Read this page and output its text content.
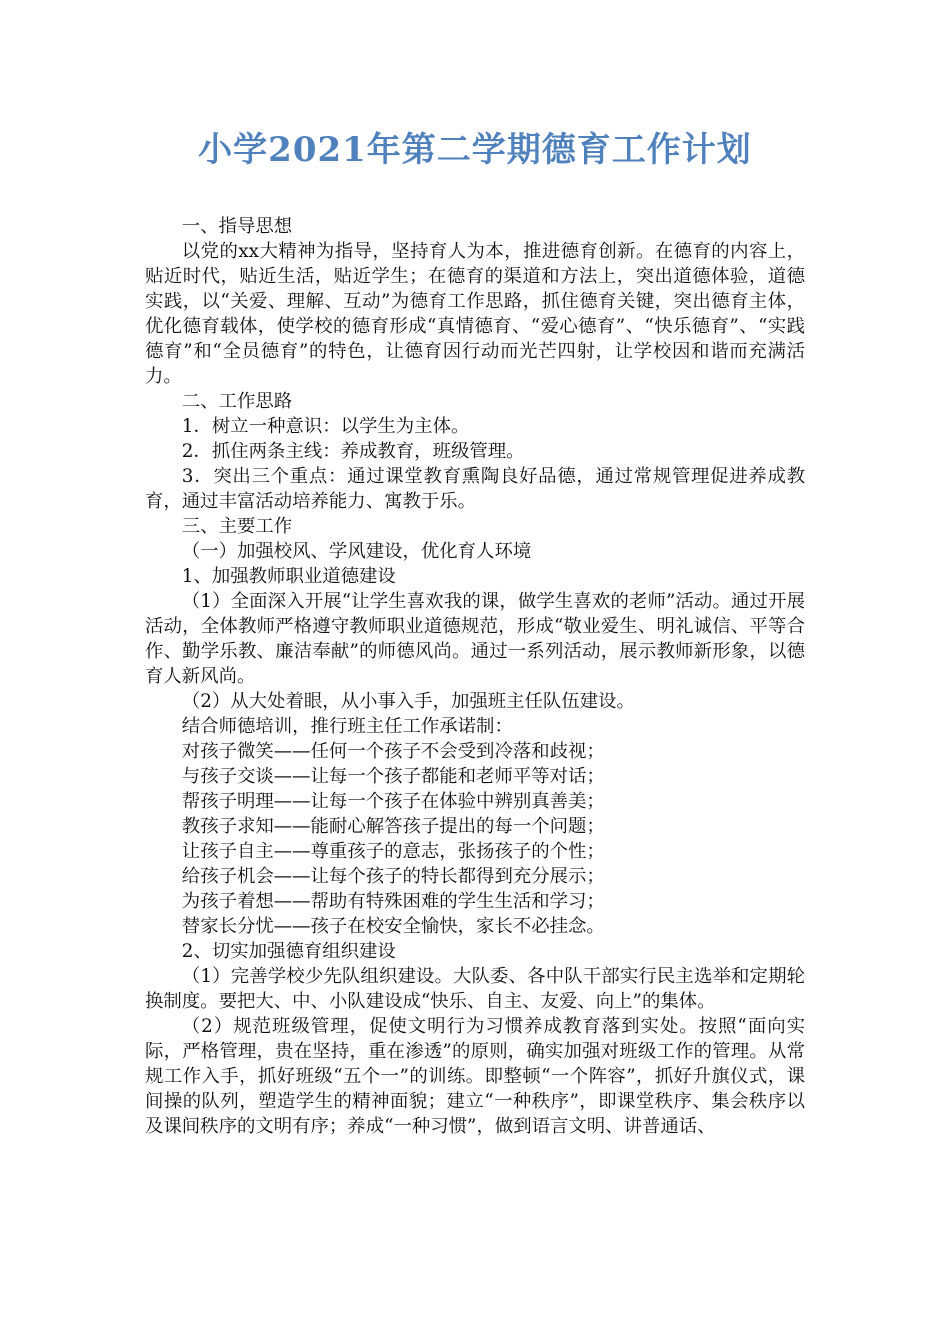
小学2021年第二学期德育工作计划

一、指导思想

以党的xx大精神为指导，坚持育人为本，推进德育创新。在德育的内容上，贴近时代，贴近生活，贴近学生；在德育的渠道和方法上，突出道德体验，道德实践，以“关爱、理解、互动”为德育工作思路，抓住德育关键，突出德育主体，优化德育载体，使学校的德育形成“真情德育、“爱心德育”、“快乐德育”、“实践德育”和“全员德育”的特色，让德育因行动而光芒四射，让学校因和谐而充满活力。

二、工作思路

1．树立一种意识：以学生为主体。

2．抓住两条主线：养成教育，班级管理。

3．突出三个重点：通过课堂教育熏陶良好品德，通过常规管理促进养成教育，通过丰富活动培养能力、寓教于乐。

三、主要工作

（一）加强校风、学风建设，优化育人环境

1、加强教师职业道德建设

（1）全面深入开展“让学生喜欢我的课，做学生喜欢的老师”活动。通过开展活动，全体教师严格遵守教师职业道德规范，形成“敬业爱生、明礼诚信、平等合作、勤学乐教、廉洁奉献”的师德风尚。通过一系列活动，展示教师新形象，以德育人新风尚。

（2）从大处着眼，从小事入手，加强班主任队伍建设。

结合师德培训，推行班主任工作承诺制：

对孩子微笑——任何一个孩子不会受到冷落和歧视；

与孩子交谈——让每一个孩子都能和老师平等对话；

帮孩子明理——让每一个孩子在体验中辨别真善美；

教孩子求知——能耐心解答孩子提出的每一个问题；

让孩子自主——尊重孩子的意志，张扬孩子的个性；

给孩子机会——让每个孩子的特长都得到充分展示；

为孩子着想——帮助有特殊困难的学生生活和学习；

替家长分忧——孩子在校安全愉快，家长不必挂念。

2、切实加强德育组织建设

（1）完善学校少先队组织建设。大队委、各中队干部实行民主选举和定期轮换制度。要把大、中、小队建设成“快乐、自主、友爱、向上”的集体。

（2）规范班级管理，促使文明行为习惯养成教育落到实处。按照“面向实际，严格管理，贵在坚持，重在渗透”的原则，确实加强对班级工作的管理。从常规工作入手，抓好班级“五个一”的训练。即整顿“一个阵容”，抓好升旗仪式，课间操的队列，塑造学生的精神面貌；建立“一种秩序”，即课堂秩序、集会秩序以及课间秩序的文明有序；养成“一种习惯”，做到语言文明、讲普通话、
